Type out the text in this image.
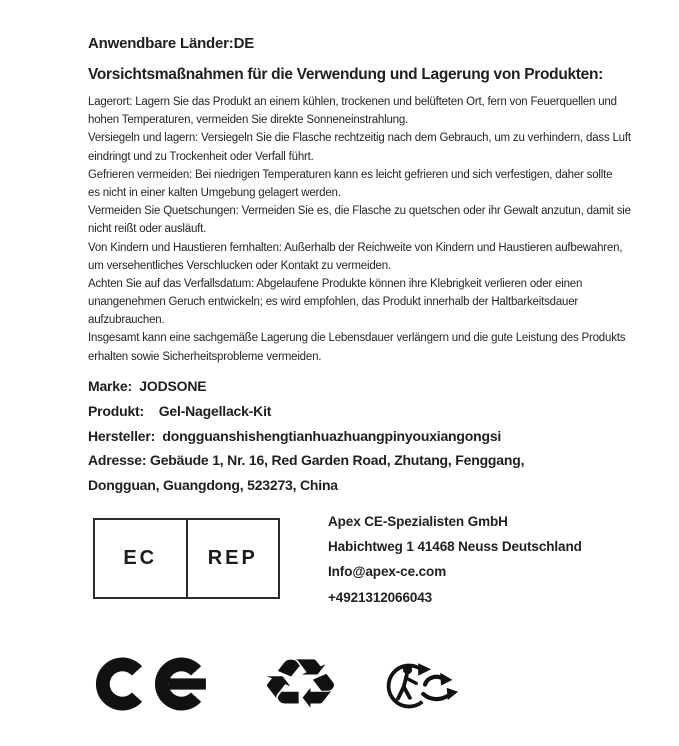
Anwendbare Länder:DE
Vorsichtsmaßnahmen für die Verwendung und Lagerung von Produkten:
Lagerort: Lagern Sie das Produkt an einem kühlen, trockenen und belüfteten Ort, fern von Feuerquellen und
hohen Temperaturen, vermeiden Sie direkte Sonneneinstrahlung.
Versiegeln und lagern: Versiegeln Sie die Flasche rechtzeitig nach dem Gebrauch, um zu verhindern, dass Luft
eindringt und zu Trockenheit oder Verfall führt.
Gefrieren vermeiden: Bei niedrigen Temperaturen kann es leicht gefrieren und sich verfestigen, daher sollte
es nicht in einer kalten Umgebung gelagert werden.
Vermeiden Sie Quetschungen: Vermeiden Sie es, die Flasche zu quetschen oder ihr Gewalt anzutun, damit sie
nicht reißt oder ausläuft.
Von Kindern und Haustieren fernhalten: Außerhalb der Reichweite von Kindern und Haustieren aufbewahren,
um versehentliches Verschlucken oder Kontakt zu vermeiden.
Achten Sie auf das Verfallsdatum: Abgelaufene Produkte können ihre Klebrigkeit verlieren oder einen
unangenehmen Geruch entwickeln; es wird empfohlen, das Produkt innerhalb der Haltbarkeitsdauer
aufzubrauchen.
Insgesamt kann eine sachgemäße Lagerung die Lebensdauer verlängern und die gute Leistung des Produkts
erhalten sowie Sicherheitsprobleme vermeiden.
Marke:  JODSONE
Produkt:    Gel-Nagellack-Kit
Hersteller:  dongguanshishengtianhuazhuangpinyouxiangongsi
Adresse: Gebäude 1, Nr. 16, Red Garden Road, Zhutang, Fenggang,
Dongguan, Guangdong, 523273, China
EC	REP
Apex CE-Spezialisten GmbH
Habichtweg 1 41468 Neuss Deutschland
Info@apex-ce.com
+4921312066043
♻
